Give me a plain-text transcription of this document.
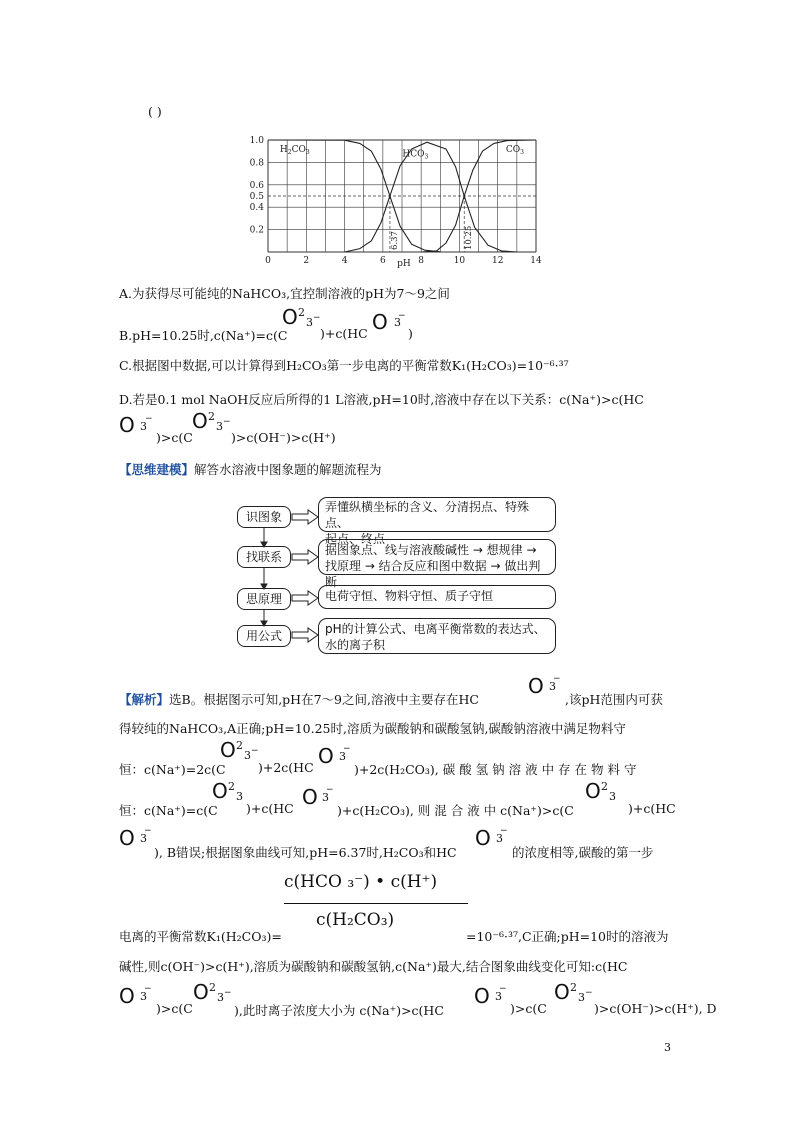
( )
0.2
0.4
0.5
0.6
0.8
1.0
0	2	4	6	8	10	12	14
pH
6.37	10.25
$H_2CO_3$	$HCO_3$
$CO_3$
A.为获得尽可能纯的NaHCO₃,宜控制溶液的pH为7～9之间
B.pH=10.25时,c(Na⁺)=c(C
O 2
3 −
)+c(HC O 3
−
)
C.根据图中数据,可以计算得到H₂CO₃第一步电离的平衡常数K₁(H₂CO₃)=10⁻⁶·³⁷
D.若是0.1 mol NaOH反应后所得的1 L溶液,pH=10时,溶液中存在以下关系：c(Na⁺)>c(HC
O 3
−
)>c(C
O 2
3 −
)>c(OH⁻)>c(H⁺)
【思维建模】解答水溶液中图象题的解题流程为
识图象
找联系
思原理
用公式
弄懂纵横坐标的含义、分清拐点、特殊点、
起点、终点
据图象点、线与溶液酸碱性 → 想规律 →
找原理 → 结合反应和图中数据 → 做出判断
电荷守恒、物料守恒、质子守恒
pH的计算公式、电离平衡常数的表达式、
水的离子积
【解析】选B。根据图示可知,pH在7～9之间,溶液中主要存在HC
O 3
−
,该pH范围内可获
得较纯的NaHCO₃,A正确;pH=10.25时,溶质为碳酸钠和碳酸氢钠,碳酸钠溶液中满足物料守
恒：c(Na⁺)=2c(C
O 2
3 −
)+2c(HC O 3
−
)+2c(H₂CO₃), 碳 酸 氢 钠 溶 液 中 存 在 物 料 守
恒：c(Na⁺)=c(C
O 2
3
)+c(HC O 3
−
)+c(H₂CO₃), 则 混 合 液 中 c(Na⁺)>c(C
O 2
3
)+c(HC
O 3
−
), B错误;根据图象曲线可知,pH=6.37时,H₂CO₃和HC
O 3
−
的浓度相等,碳酸的第一步
c(HCO ₃⁻) • c(H⁺)
c(H₂CO₃)
电离的平衡常数K₁(H₂CO₃)=	=10⁻⁶·³⁷,C正确;pH=10时的溶液为
碱性,则c(OH⁻)>c(H⁺),溶质为碳酸钠和碳酸氢钠,c(Na⁺)最大,结合图象曲线变化可知:c(HC
O 3
−
)>c(C
O 2
3 −
),此时离子浓度大小为 c(Na⁺)>c(HC
O 3
−
)>c(C
O 2
3 −
)>c(OH⁻)>c(H⁺), D
3
